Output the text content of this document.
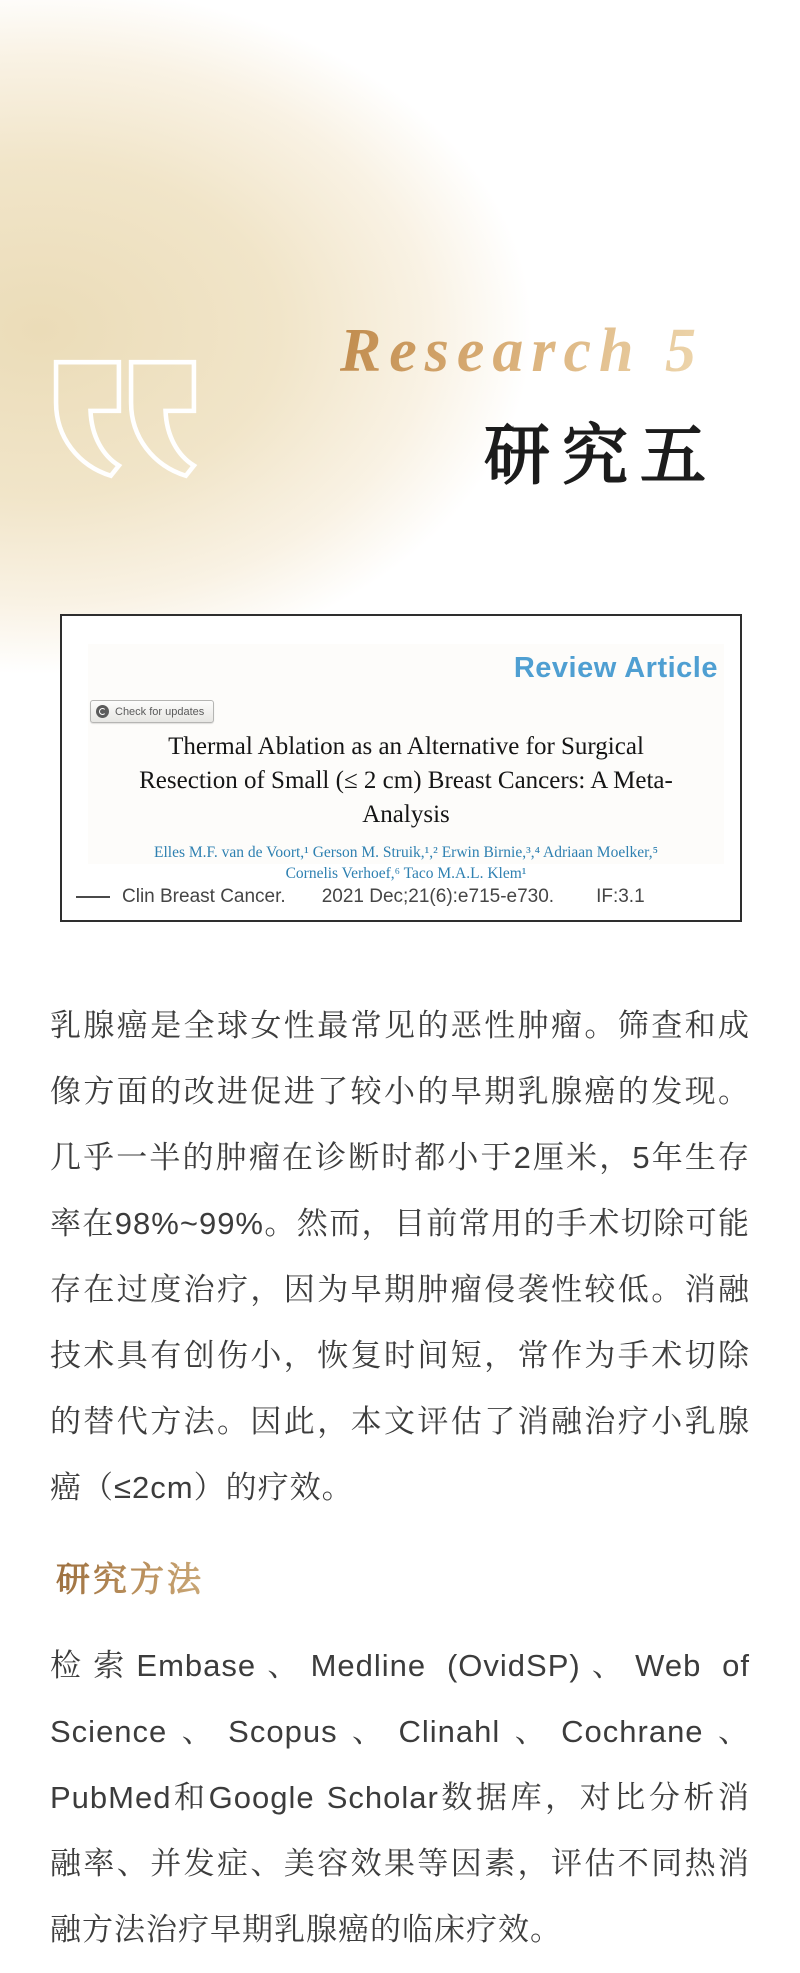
Research 5
研究五
Review Article
Check for updates
Thermal Ablation as an Alternative for Surgical Resection of Small (≤ 2 cm) Breast Cancers: A Meta-Analysis
Elles M.F. van de Voort,¹ Gerson M. Struik,¹,² Erwin Birnie,³,⁴ Adriaan Moelker,⁵
Cornelis Verhoef,⁶ Taco M.A.L. Klem¹
Clin Breast Cancer. 2021 Dec;21(6):e715-e730. IF:3.1
乳腺癌是全球女性最常见的恶性肿瘤。筛查和成像方面的改进促进了较小的早期乳腺癌的发现。几乎一半的肿瘤在诊断时都小于2厘米，5年生存率在98%~99%。然而，目前常用的手术切除可能存在过度治疗，因为早期肿瘤侵袭性较低。消融技术具有创伤小，恢复时间短，常作为手术切除的替代方法。因此，本文评估了消融治疗小乳腺癌（≤2cm）的疗效。
研究方法
检索Embase、Medline (OvidSP)、Web of Science、Scopus、Clinahl、Cochrane、PubMed和Google Scholar数据库，对比分析消融率、并发症、美容效果等因素，评估不同热消融方法治疗早期乳腺癌的临床疗效。
